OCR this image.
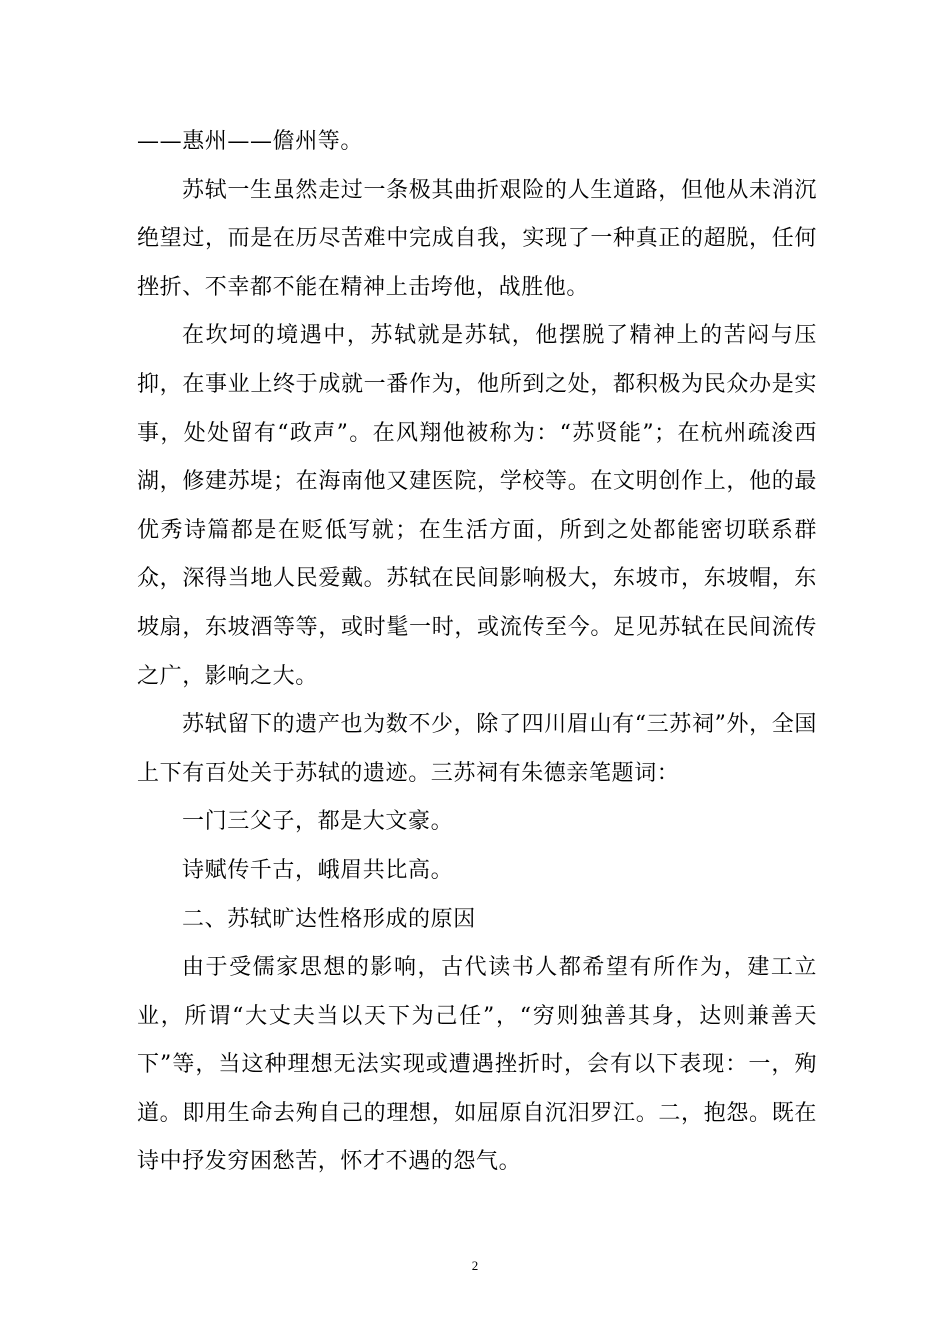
——惠州——儋州等。

苏轼一生虽然走过一条极其曲折艰险的人生道路，但他从未消沉绝望过，而是在历尽苦难中完成自我，实现了一种真正的超脱，任何挫折、不幸都不能在精神上击垮他，战胜他。

在坎坷的境遇中，苏轼就是苏轼，他摆脱了精神上的苦闷与压抑，在事业上终于成就一番作为，他所到之处，都积极为民众办是实事，处处留有“政声”。在风翔他被称为：“苏贤能”；在杭州疏浚西湖，修建苏堤；在海南他又建医院，学校等。在文明创作上，他的最优秀诗篇都是在贬低写就；在生活方面，所到之处都能密切联系群众，深得当地人民爱戴。苏轼在民间影响极大，东坡市，东坡帽，东坡扇，东坡酒等等，或时髦一时，或流传至今。足见苏轼在民间流传之广，影响之大。

苏轼留下的遗产也为数不少，除了四川眉山有“三苏祠”外，全国上下有百处关于苏轼的遗迹。三苏祠有朱德亲笔题词：

一门三父子，都是大文豪。

诗赋传千古，峨眉共比高。

二、苏轼旷达性格形成的原因

由于受儒家思想的影响，古代读书人都希望有所作为，建工立业，所谓“大丈夫当以天下为己任”，“穷则独善其身，达则兼善天下”等，当这种理想无法实现或遭遇挫折时，会有以下表现：一，殉道。即用生命去殉自己的理想，如屈原自沉汨罗江。二，抱怨。既在诗中抒发穷困愁苦，怀才不遇的怨气。

2
